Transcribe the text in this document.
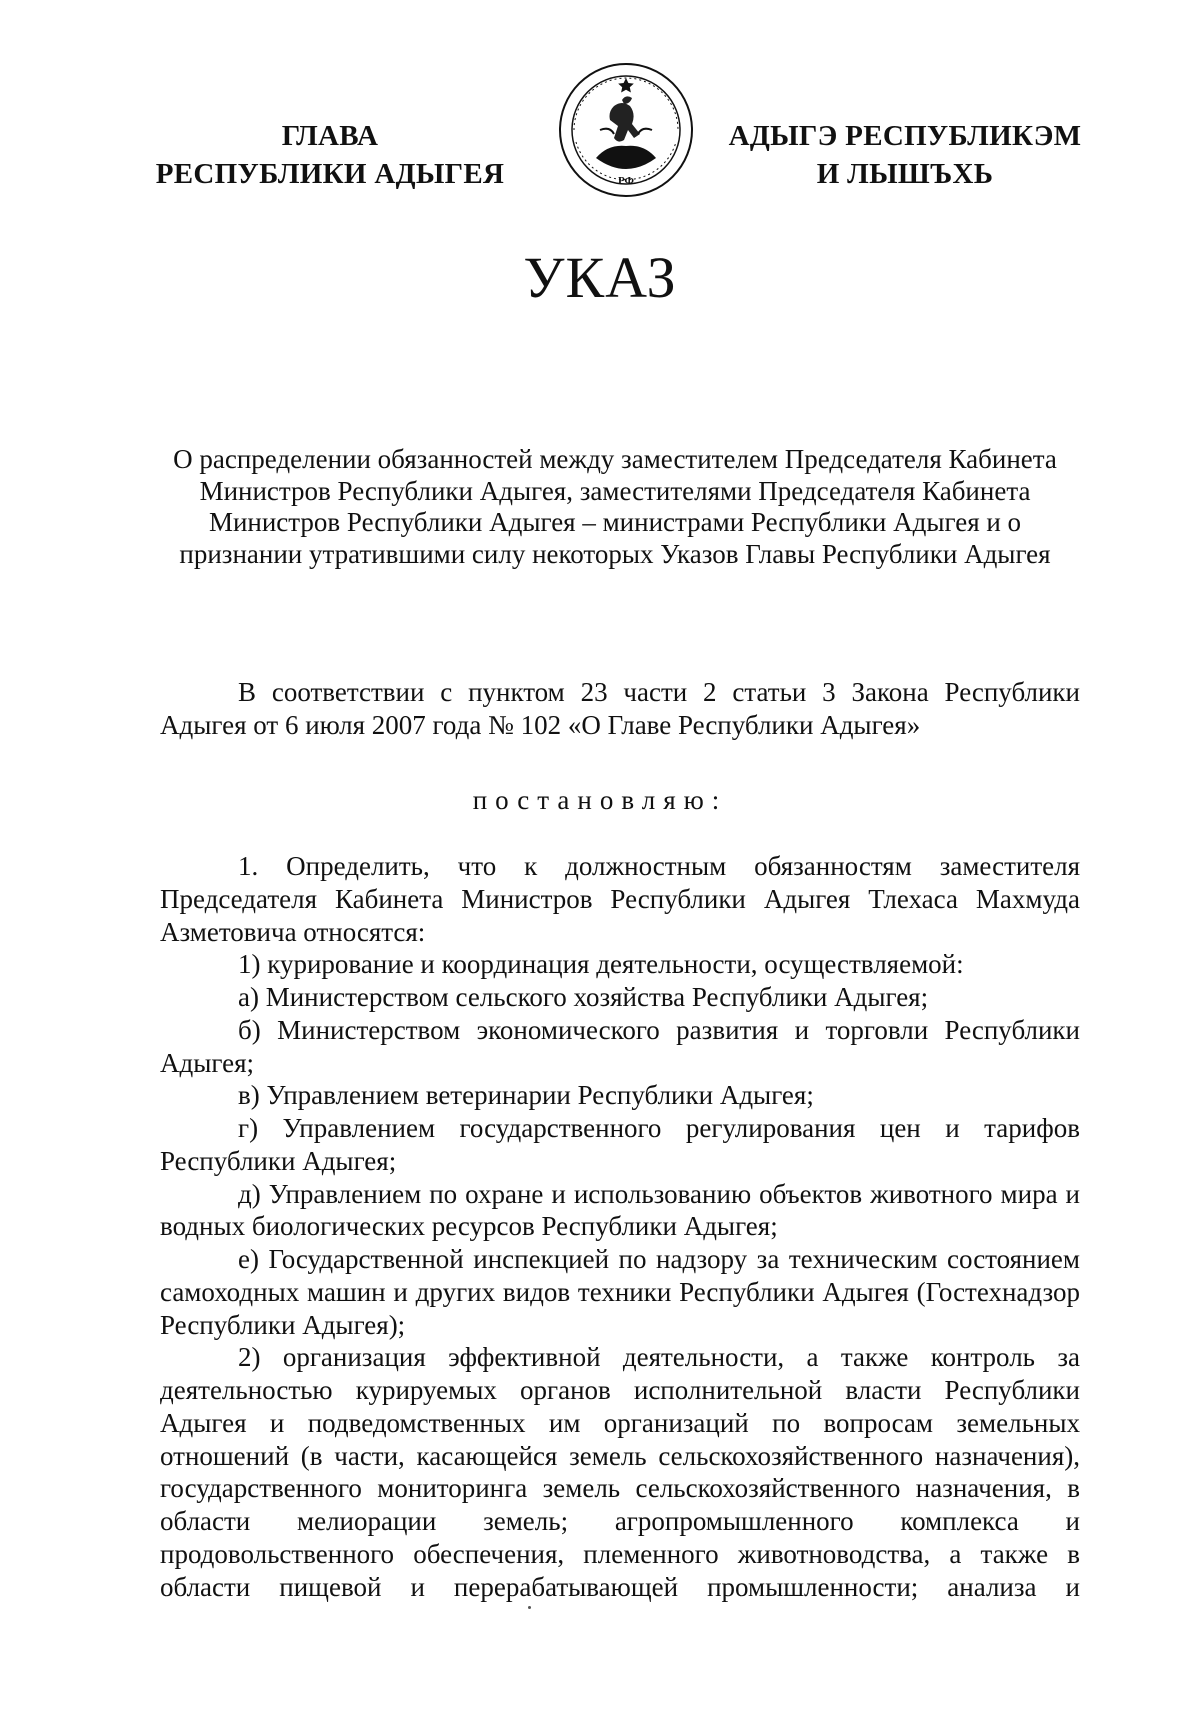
ГЛАВА
РЕСПУБЛИКИ АДЫГЕЯ	РФ
АДЫГЭ РЕСПУБЛИКЭМ
И ЛЫШЪХЬ
УКАЗ
О распределении обязанностей между заместителем Председателя Кабинета Министров Республики Адыгея, заместителями Председателя Кабинета Министров Республики Адыгея – министрами Республики Адыгея и о признании утратившими силу некоторых Указов Главы Республики Адыгея
В соответствии с пунктом 23 части 2 статьи 3 Закона Республики
Адыгея от 6 июля 2007 года № 102 «О Главе Республики Адыгея»
постановляю:
1. Определить, что к должностным обязанностям заместителя Председателя Кабинета Министров Республики Адыгея Тлехаса Махмуда Азметовича относятся:
1) курирование и координация деятельности, осуществляемой:
а) Министерством сельского хозяйства Республики Адыгея;
б) Министерством экономического развития и торговли Республики Адыгея;
в) Управлением ветеринарии Республики Адыгея;
г) Управлением государственного регулирования цен и тарифов Республики Адыгея;
д) Управлением по охране и использованию объектов животного мира и водных биологических ресурсов Республики Адыгея;
е) Государственной инспекцией по надзору за техническим состоянием самоходных машин и других видов техники Республики Адыгея (Гостехнадзор Республики Адыгея);
2) организация эффективной деятельности, а также контроль за деятельностью курируемых органов исполнительной власти Республики Адыгея и подведомственных им организаций по вопросам земельных отношений (в части, касающейся земель сельскохозяйственного назначения), государственного мониторинга земель сельскохозяйственного назначения, в области мелиорации земель; агропромышленного комплекса и продовольственного обеспечения, племенного животноводства, а также в области пищевой и перерабатывающей промышленности; анализа и
